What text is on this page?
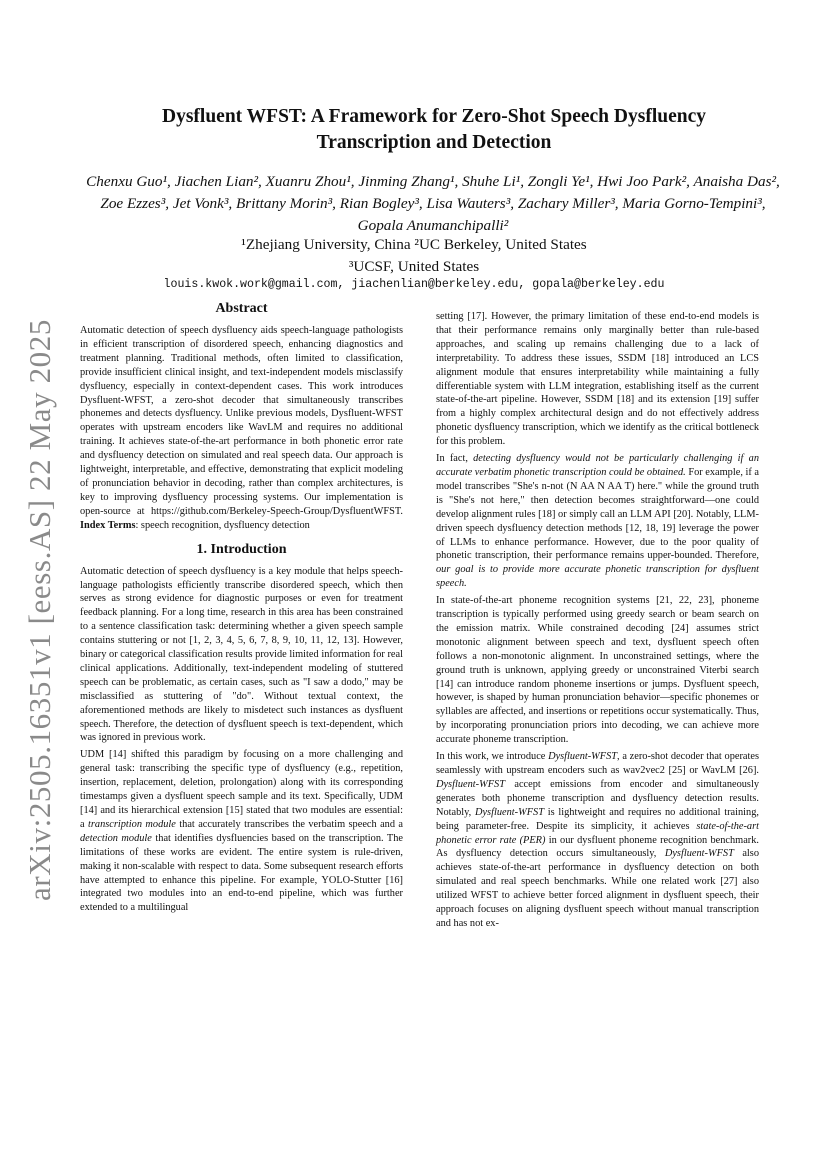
arXiv:2505.16351v1 [eess.AS] 22 May 2025
Dysfluent WFST: A Framework for Zero-Shot Speech Dysfluency Transcription and Detection
Chenxu Guo¹, Jiachen Lian², Xuanru Zhou¹, Jinming Zhang¹, Shuhe Li¹, Zongli Ye¹, Hwi Joo Park², Anaisha Das², Zoe Ezzes³, Jet Vonk³, Brittany Morin³, Rian Bogley³, Lisa Wauters³, Zachary Miller³, Maria Gorno-Tempini³, Gopala Anumanchipalli²
¹Zhejiang University, China ²UC Berkeley, United States
³UCSF, United States
louis.kwok.work@gmail.com, jiachenlian@berkeley.edu, gopala@berkeley.edu
Abstract

Automatic detection of speech dysfluency aids speech-language pathologists in efficient transcription of disordered speech, enhancing diagnostics and treatment planning. Traditional methods, often limited to classification, provide insufficient clinical insight, and text-independent models misclassify dysfluency, especially in context-dependent cases. This work introduces Dysfluent-WFST, a zero-shot decoder that simultaneously transcribes phonemes and detects dysfluency. Unlike previous models, Dysfluent-WFST operates with upstream encoders like WavLM and requires no additional training. It achieves state-of-the-art performance in both phonetic error rate and dysfluency detection on simulated and real speech data. Our approach is lightweight, interpretable, and effective, demonstrating that explicit modeling of pronunciation behavior in decoding, rather than complex architectures, is key to improving dysfluency processing systems. Our implementation is open-source at https://github.com/Berkeley-Speech-Group/DysfluentWFST. Index Terms: speech recognition, dysfluency detection

1. Introduction

Automatic detection of speech dysfluency is a key module that helps speech-language pathologists efficiently transcribe disordered speech, which then serves as strong evidence for diagnostic purposes or even for treatment feedback planning. For a long time, research in this area has been constrained to a sentence classification task: determining whether a given speech sample contains stuttering or not [1, 2, 3, 4, 5, 6, 7, 8, 9, 10, 11, 12, 13]. However, binary or categorical classification results provide limited information for real clinical applications. Additionally, text-independent modeling of stuttered speech can be problematic, as certain cases, such as "I saw a dodo," may be misclassified as stuttering of "do". Without textual context, the aforementioned methods are likely to misdetect such instances as dysfluent speech. Therefore, the detection of dysfluent speech is text-dependent, which was ignored in previous work.

UDM [14] shifted this paradigm by focusing on a more challenging and general task: transcribing the specific type of dysfluency (e.g., repetition, insertion, replacement, deletion, prolongation) along with its corresponding timestamps given a dysfluent speech sample and its text. Specifically, UDM [14] and its hierarchical extension [15] stated that two modules are essential: a transcription module that accurately transcribes the verbatim speech and a detection module that identifies dysfluencies based on the transcription. The limitations of these works are evident. The entire system is rule-driven, making it non-scalable with respect to data. Some subsequent research efforts have attempted to enhance this pipeline. For example, YOLO-Stutter [16] integrated two modules into an end-to-end pipeline, which was further extended to a multilingual

setting [17]. However, the primary limitation of these end-to-end models is that their performance remains only marginally better than rule-based approaches, and scaling up remains challenging due to a lack of interpretability. To address these issues, SSDM [18] introduced an LCS alignment module that ensures interpretability while maintaining a fully differentiable system with LLM integration, establishing itself as the current state-of-the-art pipeline. However, SSDM [18] and its extension [19] suffer from a highly complex architectural design and do not effectively address phonetic dysfluency transcription, which we identify as the critical bottleneck for this problem.

In fact, detecting dysfluency would not be particularly challenging if an accurate verbatim phonetic transcription could be obtained. For example, if a model transcribes "She's n-not (N AA N AA T) here." while the ground truth is "She's not here," then detection becomes straightforward—one could develop alignment rules [18] or simply call an LLM API [20]. Notably, LLM-driven speech dysfluency detection methods [12, 18, 19] leverage the power of LLMs to enhance performance. However, due to the poor quality of phonetic transcription, their performance remains upper-bounded. Therefore, our goal is to provide more accurate phonetic transcription for dysfluent speech.

In state-of-the-art phoneme recognition systems [21, 22, 23], phoneme transcription is typically performed using greedy search or beam search on the emission matrix. While constrained decoding [24] assumes strict monotonic alignment between speech and text, dysfluent speech often follows a non-monotonic alignment. In unconstrained settings, where the ground truth is unknown, applying greedy or unconstrained Viterbi search [14] can introduce random phoneme insertions or jumps. Dysfluent speech, however, is shaped by human pronunciation behavior—specific phonemes or syllables are affected, and insertions or repetitions occur systematically. Thus, by incorporating pronunciation priors into decoding, we can achieve more accurate phoneme transcription.

In this work, we introduce Dysfluent-WFST, a zero-shot decoder that operates seamlessly with upstream encoders such as wav2vec2 [25] or WavLM [26]. Dysfluent-WFST accept emissions from encoder and simultaneously generates both phoneme transcription and dysfluency detection results. Notably, Dysfluent-WFST is lightweight and requires no additional training, being parameter-free. Despite its simplicity, it achieves state-of-the-art phonetic error rate (PER) in our dysfluent phoneme recognition benchmark. As dysfluency detection occurs simultaneously, Dysfluent-WFST also achieves state-of-the-art performance in dysfluency detection on both simulated and real speech benchmarks. While one related work [27] also utilized WFST to achieve better forced alignment in dysfluent speech, their approach focuses on aligning dysfluent speech without manual transcription and has not ex-
